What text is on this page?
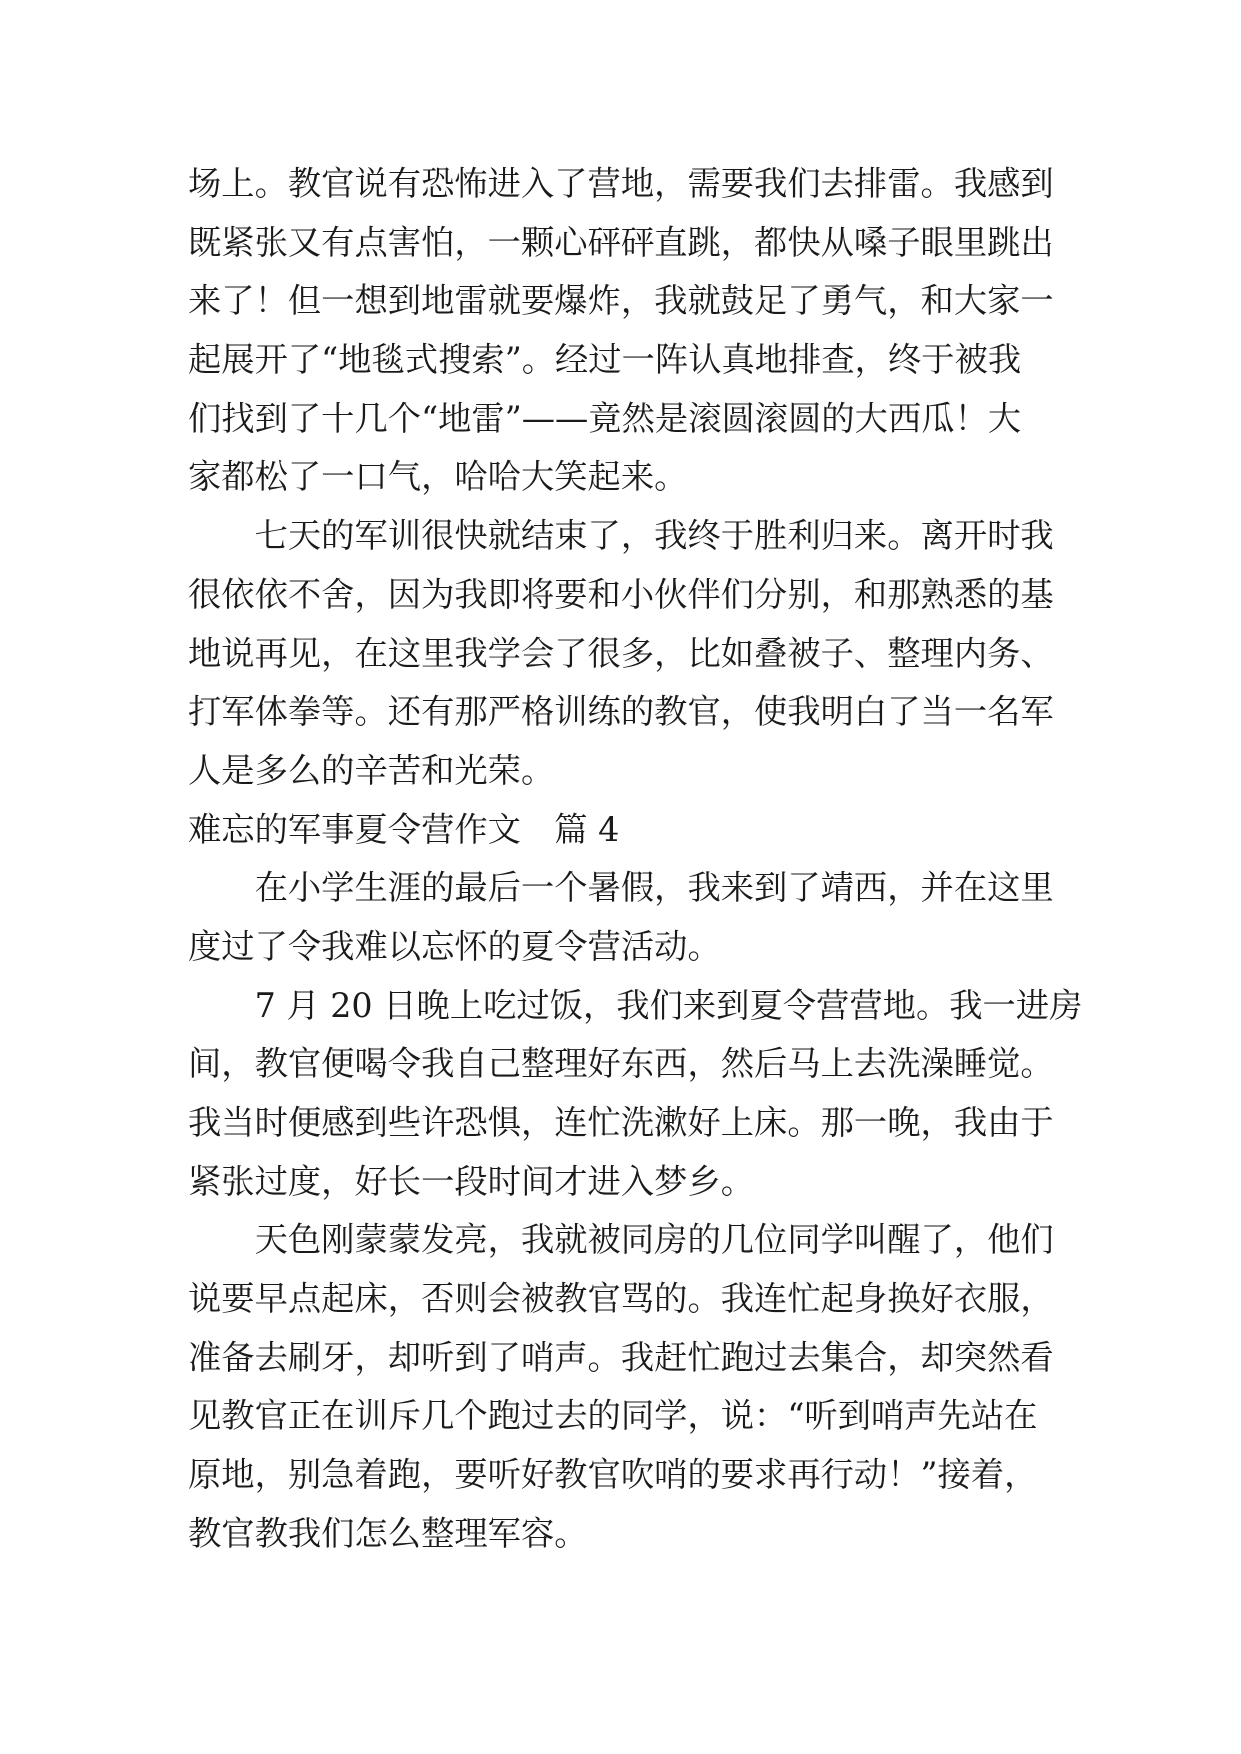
场上。教官说有恐怖进入了营地，需要我们去排雷。我感到
既紧张又有点害怕，一颗心砰砰直跳，都快从嗓子眼里跳出
来了！但一想到地雷就要爆炸，我就鼓足了勇气，和大家一
起展开了“地毯式搜索”。经过一阵认真地排查，终于被我
们找到了十几个“地雷”——竟然是滚圆滚圆的大西瓜！大
家都松了一口气，哈哈大笑起来。
七天的军训很快就结束了，我终于胜利归来。离开时我
很依依不舍，因为我即将要和小伙伴们分别，和那熟悉的基
地说再见，在这里我学会了很多，比如叠被子、整理内务、
打军体拳等。还有那严格训练的教官，使我明白了当一名军
人是多么的辛苦和光荣。
难忘的军事夏令营作文　篇 4
在小学生涯的最后一个暑假，我来到了靖西，并在这里
度过了令我难以忘怀的夏令营活动。
7 月 20 日晚上吃过饭，我们来到夏令营营地。我一进房
间，教官便喝令我自己整理好东西，然后马上去洗澡睡觉。
我当时便感到些许恐惧，连忙洗漱好上床。那一晚，我由于
紧张过度，好长一段时间才进入梦乡。
天色刚蒙蒙发亮，我就被同房的几位同学叫醒了，他们
说要早点起床，否则会被教官骂的。我连忙起身换好衣服，
准备去刷牙，却听到了哨声。我赶忙跑过去集合，却突然看
见教官正在训斥几个跑过去的同学，说：“听到哨声先站在
原地，别急着跑，要听好教官吹哨的要求再行动！”接着，
教官教我们怎么整理军容。
